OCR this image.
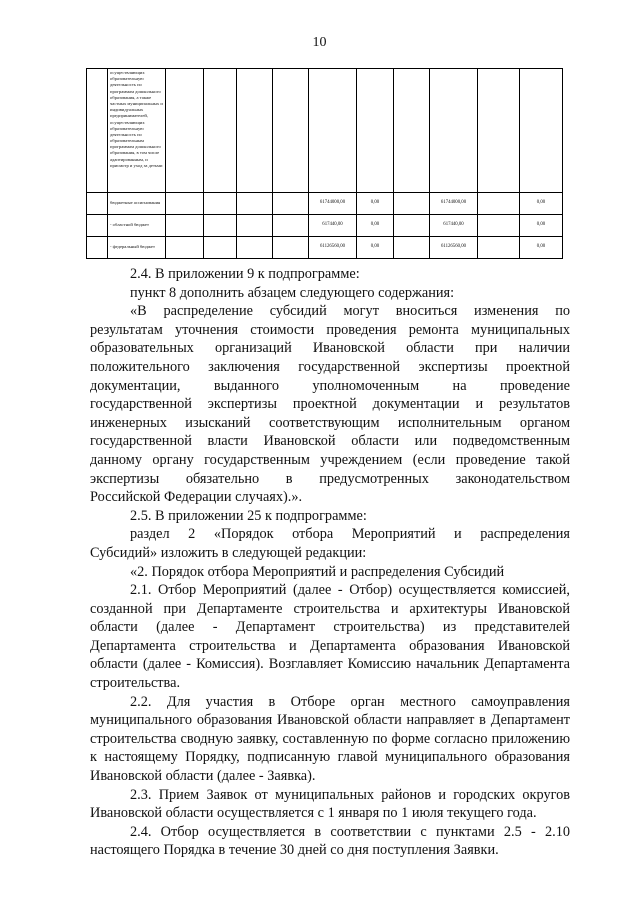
10
	осуществляющих образовательную деятельность по программам дошкольного образования, а также частных муниципальных и индивидуальных предпринимателей, осуществляющих образовательную деятельность по образовательным программам дошкольного образования, в том числе адаптированным, и присмотр и уход за детьми										
	бюджетные ассигнования					61744000,00	0,00		61744000,00		0,00
	- областной бюджет					617440,00	0,00		617440,00		0,00
	- федеральный бюджет					61126560,00	0,00		61126560,00		0,00

2.4. В приложении 9 к подпрограмме:

пункт 8 дополнить абзацем следующего содержания:

«В распределение субсидий могут вноситься изменения по

результатам уточнения стоимости проведения ремонта муниципальных

образовательных организаций Ивановской области при наличии

положительного заключения государственной экспертизы проектной

документации, выданного уполномоченным на проведение

государственной экспертизы проектной документации и результатов

инженерных изысканий соответствующим исполнительным органом

государственной власти Ивановской области или подведомственным

данному органу государственным учреждением (если проведение такой

экспертизы обязательно в предусмотренных законодательством

Российской Федерации случаях).».

2.5. В приложении 25 к подпрограмме:

раздел 2 «Порядок отбора Мероприятий и распределения

Субсидий» изложить в следующей редакции:

«2. Порядок отбора Мероприятий и распределения Субсидий

2.1. Отбор Мероприятий (далее - Отбор) осуществляется комиссией, созданной при Департаменте строительства и архитектуры Ивановской области (далее - Департамент строительства) из представителей Департамента строительства и Департамента образования Ивановской области (далее - Комиссия). Возглавляет Комиссию начальник Департамента строительства.

2.2. Для участия в Отборе орган местного самоуправления муниципального образования Ивановской области направляет в Департамент строительства сводную заявку, составленную по форме согласно приложению к настоящему Порядку, подписанную главой муниципального образования Ивановской области (далее - Заявка).

2.3. Прием Заявок от муниципальных районов и городских округов Ивановской области осуществляется с 1 января по 1 июля текущего года.

2.4. Отбор осуществляется в соответствии с пунктами 2.5 - 2.10 настоящего Порядка в течение 30 дней со дня поступления Заявки.
